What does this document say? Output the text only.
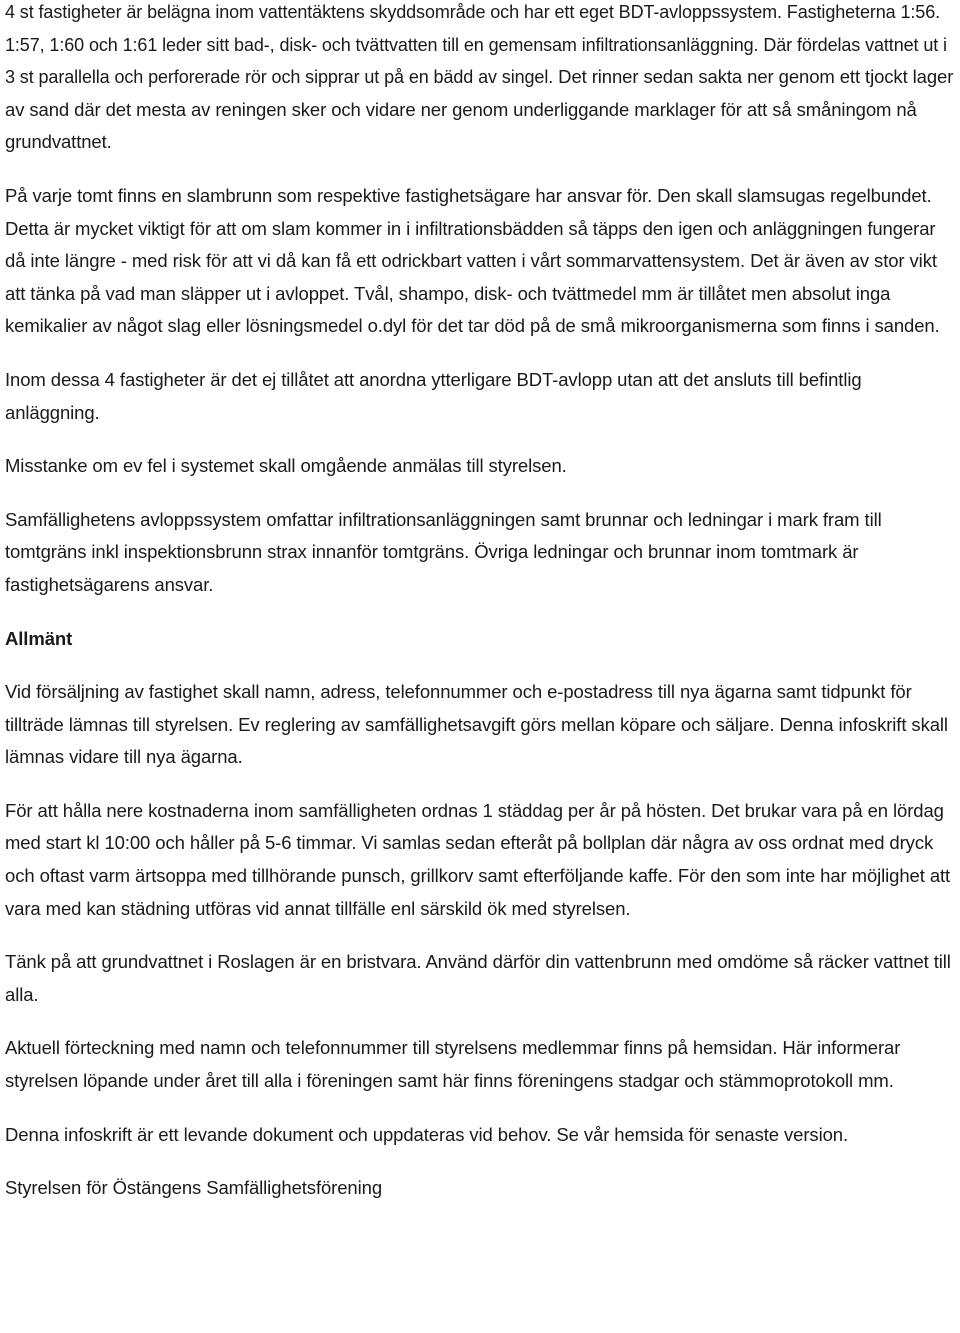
4 st fastigheter är belägna inom vattentäktens skyddsområde och har ett eget BDT-avloppssystem. Fastigheterna 1:56. 1:57, 1:60 och 1:61 leder sitt bad-, disk- och tvättvatten till en gemensam infiltrationsanläggning. Där fördelas vattnet ut i 3 st parallella och perforerade rör och sipprar ut på en bädd av singel. Det rinner sedan sakta ner genom ett tjockt lager av sand där det mesta av reningen sker och vidare ner genom underliggande marklager för att så småningom nå grundvattnet.

På varje tomt finns en slambrunn som respektive fastighetsägare har ansvar för. Den skall slamsugas regelbundet. Detta är mycket viktigt för att om slam kommer in i infiltrationsbädden så täpps den igen och anläggningen fungerar då inte längre - med risk för att vi då kan få ett odrickbart vatten i vårt sommarvattensystem. Det är även av stor vikt att tänka på vad man släpper ut i avloppet. Tvål, shampo, disk- och tvättmedel mm är tillåtet men absolut inga kemikalier av något slag eller lösningsmedel o.dyl för det tar död på de små mikroorganismerna som finns i sanden.

Inom dessa 4 fastigheter är det ej tillåtet att anordna ytterligare BDT-avlopp utan att det ansluts till befintlig anläggning.

Misstanke om ev fel i systemet skall omgående anmälas till styrelsen.

Samfällighetens avloppssystem omfattar infiltrationsanläggningen samt brunnar och ledningar i mark fram till tomtgräns inkl inspektionsbrunn strax innanför tomtgräns. Övriga ledningar och brunnar inom tomtmark är fastighetsägarens ansvar.

Allmänt

Vid försäljning av fastighet skall namn, adress, telefonnummer och e-postadress till nya ägarna samt tidpunkt för tillträde lämnas till styrelsen. Ev reglering av samfällighetsavgift görs mellan köpare och säljare. Denna infoskrift skall lämnas vidare till nya ägarna.

För att hålla nere kostnaderna inom samfälligheten ordnas 1 städdag per år på hösten. Det brukar vara på en lördag med start kl 10:00 och håller på 5-6 timmar. Vi samlas sedan efteråt på bollplan där några av oss ordnat med dryck och oftast varm ärtsoppa med tillhörande punsch, grillkorv samt efterföljande kaffe. För den som inte har möjlighet att vara med kan städning utföras vid annat tillfälle enl särskild ök med styrelsen.

Tänk på att grundvattnet i Roslagen är en bristvara. Använd därför din vattenbrunn med omdöme så räcker vattnet till alla.

Aktuell förteckning med namn och telefonnummer till styrelsens medlemmar finns på hemsidan. Här informerar styrelsen löpande under året till alla i föreningen samt här finns föreningens stadgar och stämmoprotokoll mm.

Denna infoskrift är ett levande dokument och uppdateras vid behov. Se vår hemsida för senaste version.

Styrelsen för Östängens Samfällighetsförening
